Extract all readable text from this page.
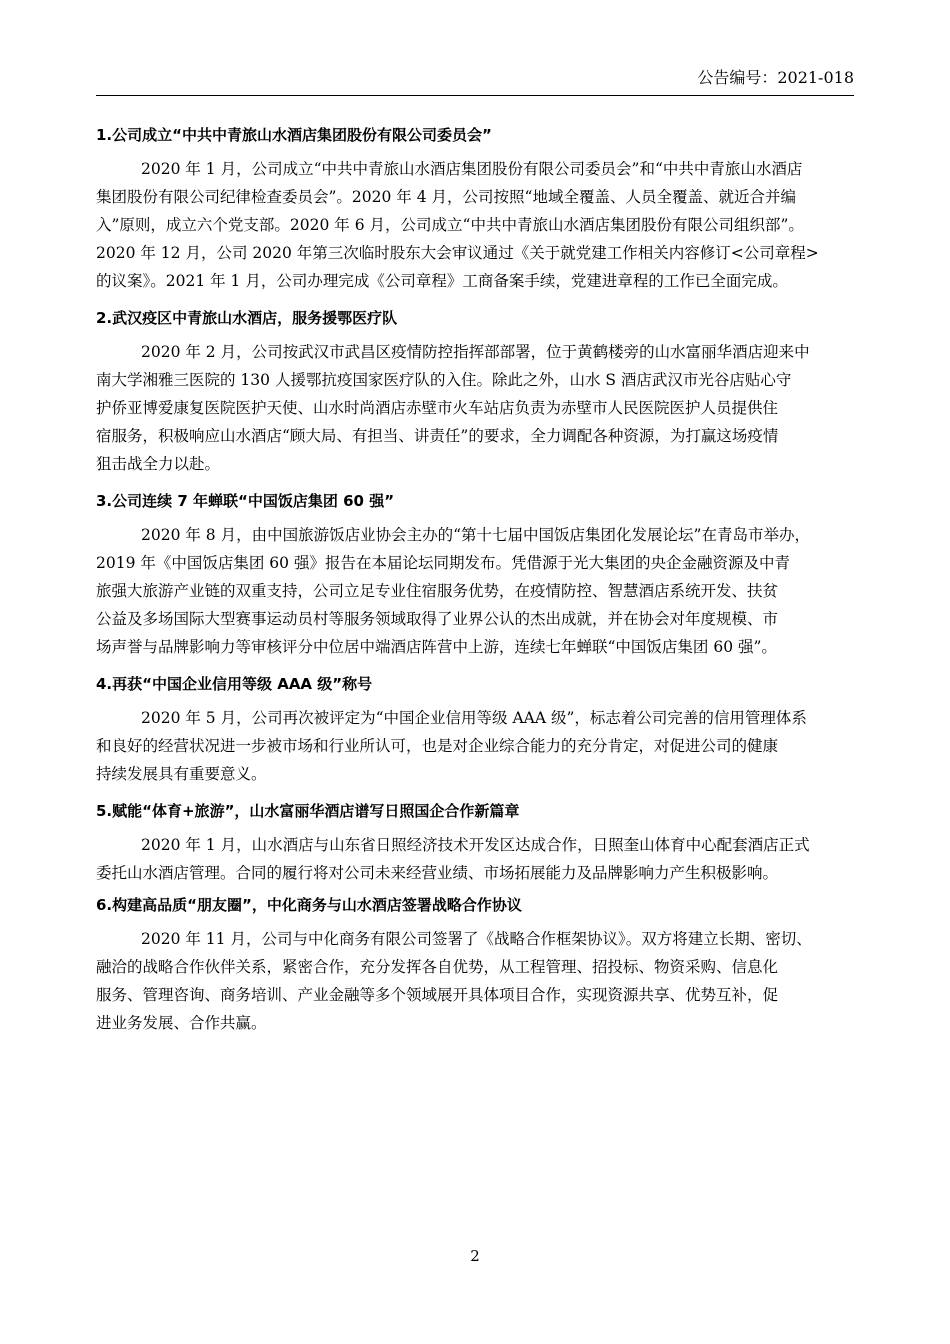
公告编号：2021-018
1.公司成立“中共中青旅山水酒店集团股份有限公司委员会”
2020 年 1 月，公司成立“中共中青旅山水酒店集团股份有限公司委员会”和“中共中青旅山水酒店
集团股份有限公司纪律检查委员会”。2020 年 4 月，公司按照“地域全覆盖、人员全覆盖、就近合并编
入”原则，成立六个党支部。2020 年 6 月，公司成立“中共中青旅山水酒店集团股份有限公司组织部”。
2020 年 12 月，公司 2020 年第三次临时股东大会审议通过《关于就党建工作相关内容修订<公司章程>
的议案》。2021 年 1 月，公司办理完成《公司章程》工商备案手续，党建进章程的工作已全面完成。
2.武汉疫区中青旅山水酒店，服务援鄂医疗队
2020 年 2 月，公司按武汉市武昌区疫情防控指挥部部署，位于黄鹤楼旁的山水富丽华酒店迎来中
南大学湘雅三医院的 130 人援鄂抗疫国家医疗队的入住。除此之外，山水 S 酒店武汉市光谷店贴心守
护侨亚博爱康复医院医护天使、山水时尚酒店赤壁市火车站店负责为赤壁市人民医院医护人员提供住
宿服务，积极响应山水酒店“顾大局、有担当、讲责任”的要求，全力调配各种资源，为打赢这场疫情
狙击战全力以赴。
3.公司连续 7 年蝉联“中国饭店集团 60 强”
2020 年 8 月，由中国旅游饭店业协会主办的“第十七届中国饭店集团化发展论坛”在青岛市举办，
2019 年《中国饭店集团 60 强》报告在本届论坛同期发布。凭借源于光大集团的央企金融资源及中青
旅强大旅游产业链的双重支持，公司立足专业住宿服务优势，在疫情防控、智慧酒店系统开发、扶贫
公益及多场国际大型赛事运动员村等服务领域取得了业界公认的杰出成就，并在协会对年度规模、市
场声誉与品牌影响力等审核评分中位居中端酒店阵营中上游，连续七年蝉联“中国饭店集团 60 强”。
4.再获“中国企业信用等级 AAA 级”称号
2020 年 5 月，公司再次被评定为“中国企业信用等级 AAA 级”，标志着公司完善的信用管理体系
和良好的经营状况进一步被市场和行业所认可，也是对企业综合能力的充分肯定，对促进公司的健康
持续发展具有重要意义。
5.赋能“体育+旅游”，山水富丽华酒店谱写日照国企合作新篇章
2020 年 1 月，山水酒店与山东省日照经济技术开发区达成合作，日照奎山体育中心配套酒店正式
委托山水酒店管理。合同的履行将对公司未来经营业绩、市场拓展能力及品牌影响力产生积极影响。
6.构建高品质“朋友圈”，中化商务与山水酒店签署战略合作协议
2020 年 11 月，公司与中化商务有限公司签署了《战略合作框架协议》。双方将建立长期、密切、
融洽的战略合作伙伴关系，紧密合作，充分发挥各自优势，从工程管理、招投标、物资采购、信息化
服务、管理咨询、商务培训、产业金融等多个领域展开具体项目合作，实现资源共享、优势互补，促
进业务发展、合作共赢。
2
